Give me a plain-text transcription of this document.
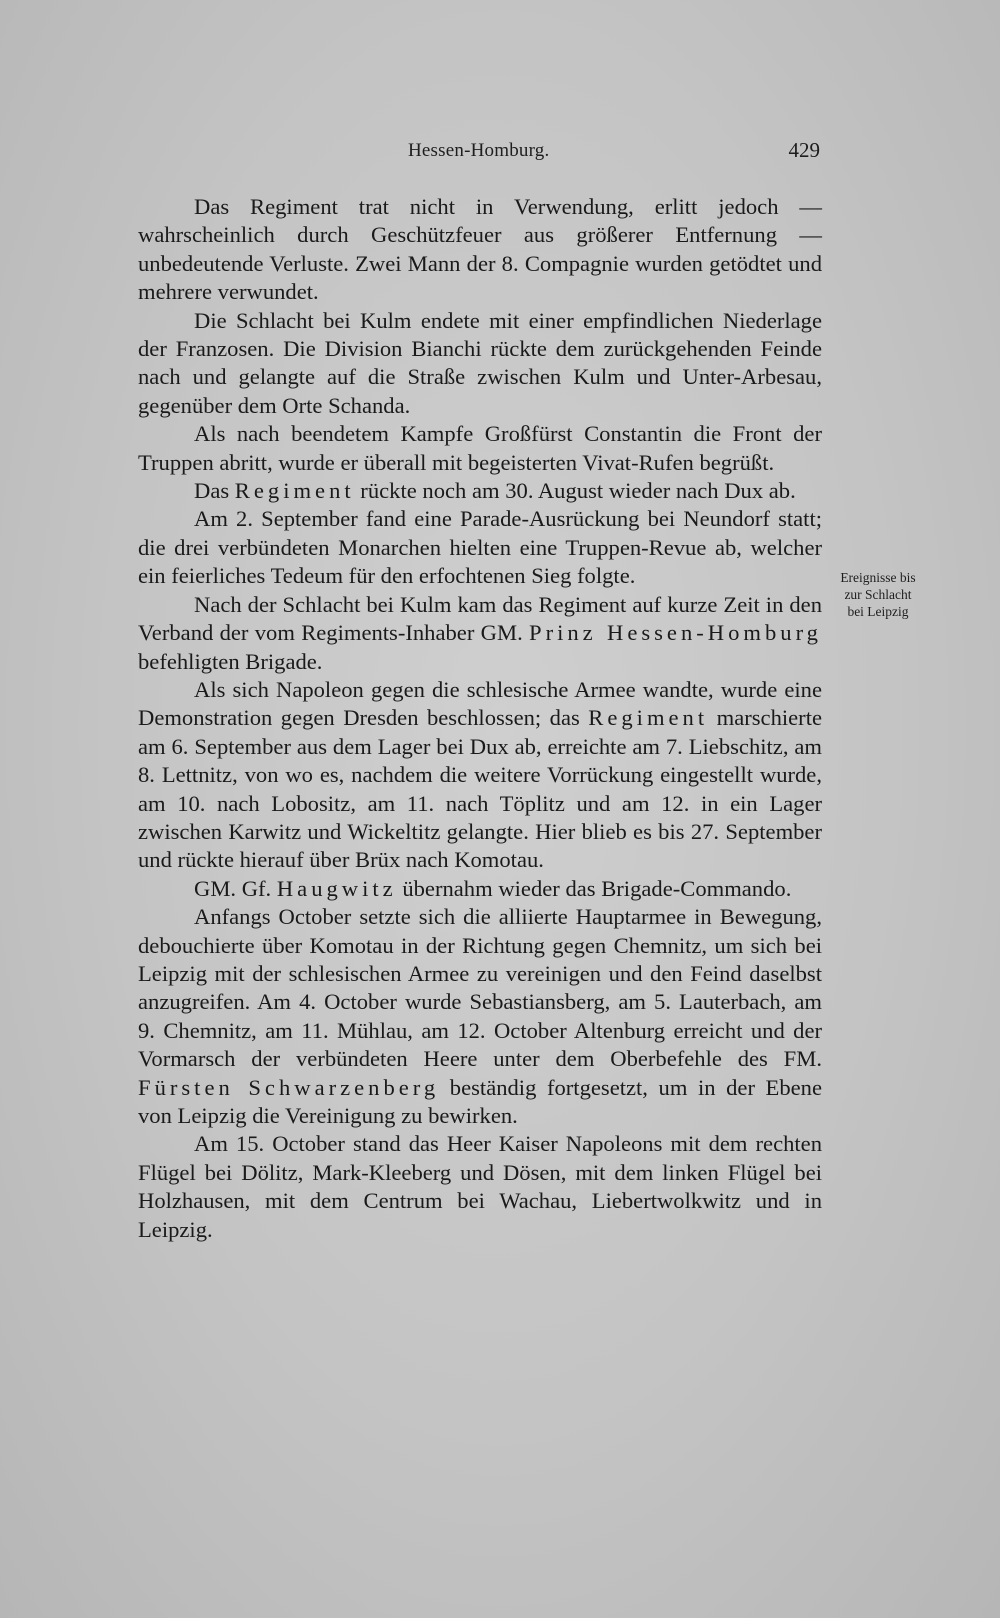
Hessen-Homburg.	429

Das Regiment trat nicht in Verwendung, erlitt jedoch — wahrscheinlich durch Geschützfeuer aus größerer Entfernung — unbedeutende Verluste. Zwei Mann der 8. Compagnie wurden getödtet und mehrere verwundet.

Die Schlacht bei Kulm endete mit einer empfindlichen Niederlage der Franzosen. Die Division Bianchi rückte dem zurückgehenden Feinde nach und gelangte auf die Straße zwischen Kulm und Unter-Arbesau, gegenüber dem Orte Schanda.

Als nach beendetem Kampfe Großfürst Constantin die Front der Truppen abritt, wurde er überall mit begeisterten Vivat-Rufen begrüßt.

Das Regiment rückte noch am 30. August wieder nach Dux ab.

Am 2. September fand eine Parade-Ausrückung bei Neundorf statt; die drei verbündeten Monarchen hielten eine Truppen-Revue ab, welcher ein feierliches Tedeum für den erfochtenen Sieg folgte.

Nach der Schlacht bei Kulm kam das Regiment auf kurze Zeit in den Verband der vom Regiments-Inhaber GM. Prinz Hessen-Homburg befehligten Brigade.

Als sich Napoleon gegen die schlesische Armee wandte, wurde eine Demonstration gegen Dresden beschlossen; das Regiment marschierte am 6. September aus dem Lager bei Dux ab, erreichte am 7. Liebschitz, am 8. Lettnitz, von wo es, nachdem die weitere Vorrückung eingestellt wurde, am 10. nach Lobositz, am 11. nach Töplitz und am 12. in ein Lager zwischen Karwitz und Wickeltitz gelangte. Hier blieb es bis 27. September und rückte hierauf über Brüx nach Komotau.

GM. Gf. Haugwitz übernahm wieder das Brigade-Commando.

Anfangs October setzte sich die alliierte Hauptarmee in Bewegung, debouchierte über Komotau in der Richtung gegen Chemnitz, um sich bei Leipzig mit der schlesischen Armee zu vereinigen und den Feind daselbst anzugreifen. Am 4. October wurde Sebastiansberg, am 5. Lauterbach, am 9. Chemnitz, am 11. Mühlau, am 12. October Altenburg erreicht und der Vormarsch der verbündeten Heere unter dem Oberbefehle des FM. Fürsten Schwarzenberg beständig fortgesetzt, um in der Ebene von Leipzig die Vereinigung zu bewirken.

Am 15. October stand das Heer Kaiser Napoleons mit dem rechten Flügel bei Dölitz, Mark-Kleeberg und Dösen, mit dem linken Flügel bei Holzhausen, mit dem Centrum bei Wachau, Liebertwolkwitz und in Leipzig.

Ereignisse bis
zur Schlacht
bei Leipzig
